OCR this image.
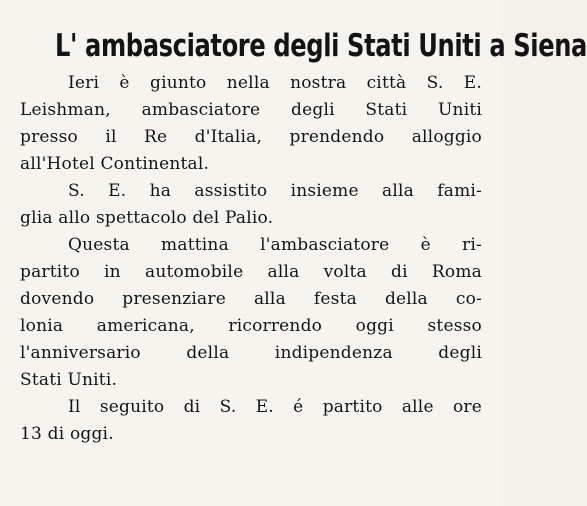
L' ambasciatore degli Stati Uniti a Siena
Ieri è giunto nella nostra città S. E.
Leishman, ambasciatore degli Stati Uniti
presso il Re d'Italia, prendendo alloggio
all'Hotel Continental.
S. E. ha assistito insieme alla fami-
glia allo spettacolo del Palio.
Questa mattina l'ambasciatore è ri-
partito in automobile alla volta di Roma
dovendo presenziare alla festa della co-
lonia americana, ricorrendo oggi stesso
l'anniversario della indipendenza degli
Stati Uniti.
Il seguito di S. E. é partito alle ore
13 di oggi.
